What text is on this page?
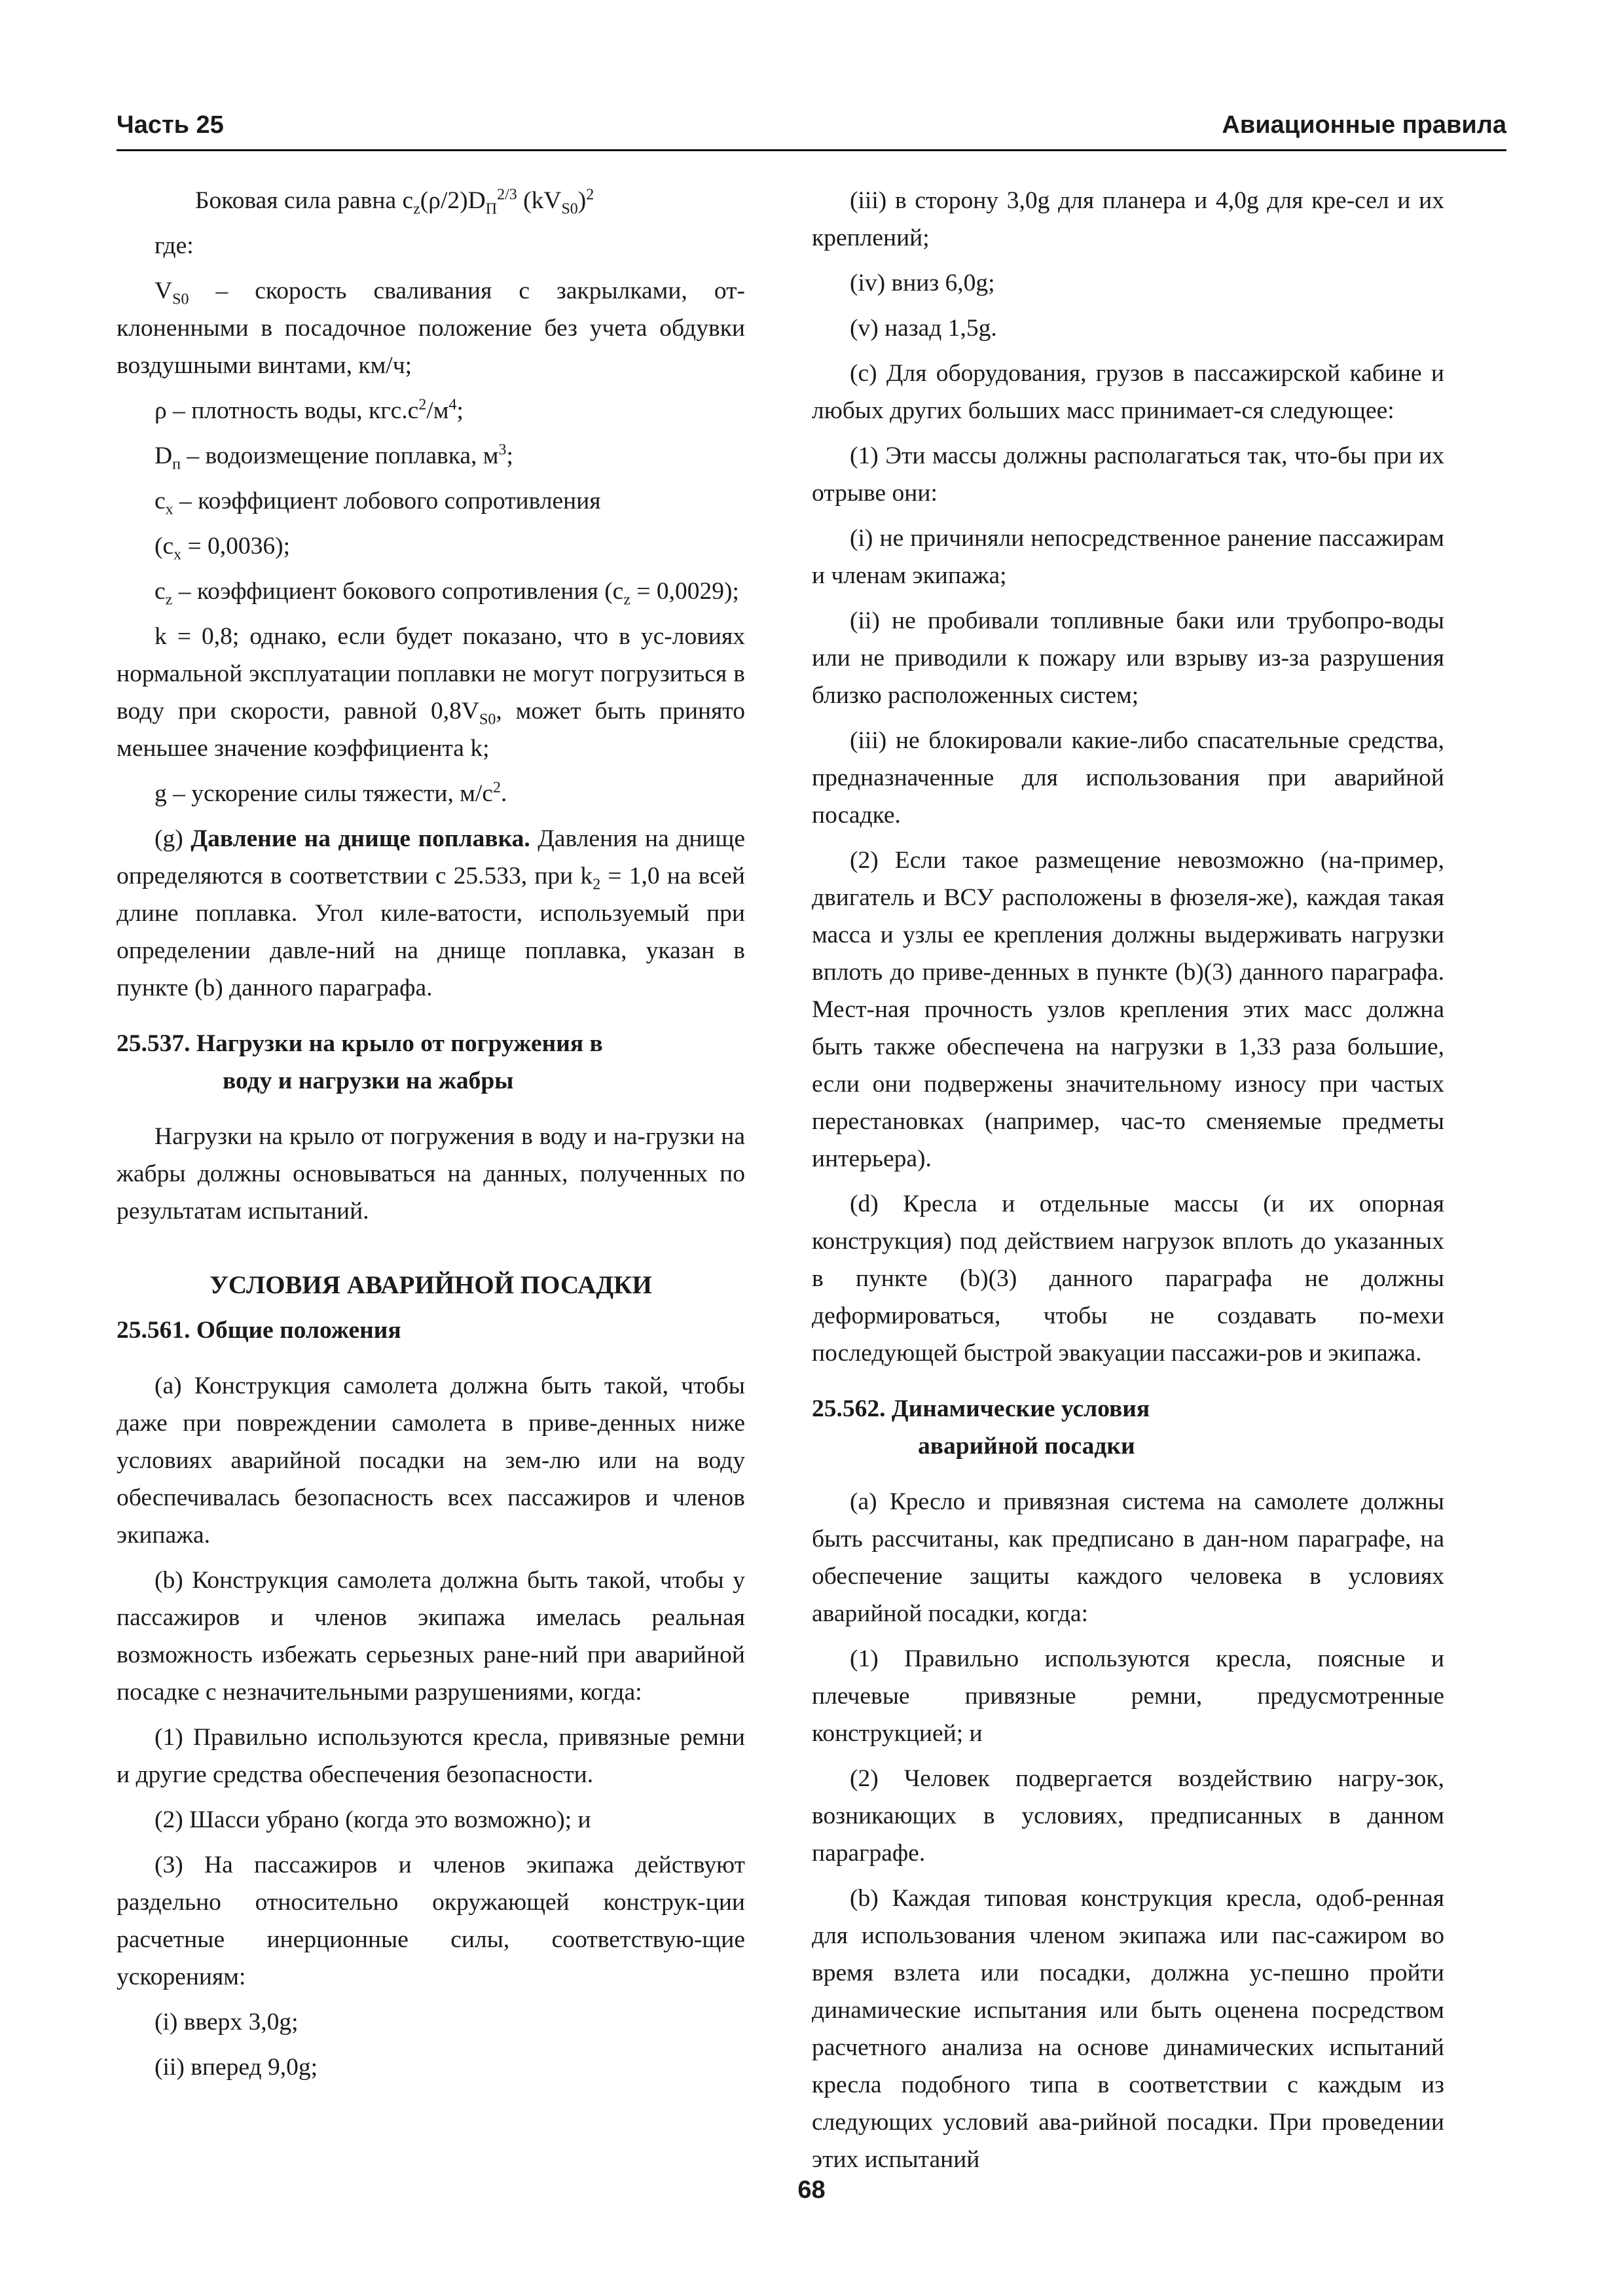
Часть 25	Авиационные правила

Боковая сила равна $c_z(\rho/2)D_П^{2/3}$ $(kV_{S0})^2$

где:

$V_{S0}$ – скорость сваливания с закрылками, от-клоненными в посадочное положение без учета обдувки воздушными винтами, км/ч;

ρ – плотность воды, $кгс.с^2/м^4$;

$D_п$ – водоизмещение поплавка, $м^3$;

$c_x$ – коэффициент лобового сопротивления

$(c_x = 0,0036)$;

$c_z$ – коэффициент бокового сопротивления $(c_z = 0,0029)$;

k = 0,8; однако, если будет показано, что в ус-ловиях нормальной эксплуатации поплавки не могут погрузиться в воду при скорости, равной $0,8V_{S0}$, может быть принято меньшее значение коэффициента k;

g – ускорение силы тяжести, $м/с^2$.

(g) Давление на днище поплавка. Давления на днище определяются в соответствии с 25.533, при $k_2 = 1,0$ на всей длине поплавка. Угол киле-ватости, используемый при определении давле-ний на днище поплавка, указан в пункте (b) данного параграфа.

25.537. Нагрузки на крыло от погружения в
воду и нагрузки на жабры

Нагрузки на крыло от погружения в воду и на-грузки на жабры должны основываться на данных, полученных по результатам испытаний.

УСЛОВИЯ АВАРИЙНОЙ ПОСАДКИ

25.561. Общие положения

(a) Конструкция самолета должна быть такой, чтобы даже при повреждении самолета в приве-денных ниже условиях аварийной посадки на зем-лю или на воду обеспечивалась безопасность всех пассажиров и членов экипажа.

(b) Конструкция самолета должна быть такой, чтобы у пассажиров и членов экипажа имелась реальная возможность избежать серьезных ране-ний при аварийной посадке с незначительными разрушениями, когда:

(1) Правильно используются кресла, привязные ремни и другие средства обеспечения безопасности.

(2) Шасси убрано (когда это возможно); и

(3) На пассажиров и членов экипажа действуют раздельно относительно окружающей конструк-ции расчетные инерционные силы, соответствую-щие ускорениям:

(i) вверх 3,0g;

(ii) вперед 9,0g;

(iii) в сторону 3,0g для планера и 4,0g для кре-сел и их креплений;

(iv) вниз 6,0g;

(v) назад 1,5g.

(c) Для оборудования, грузов в пассажирской кабине и любых других больших масс принимает-ся следующее:

(1) Эти массы должны располагаться так, что-бы при их отрыве они:

(i) не причиняли непосредственное ранение пассажирам и членам экипажа;

(ii) не пробивали топливные баки или трубопро-воды или не приводили к пожару или взрыву из-за разрушения близко расположенных систем;

(iii) не блокировали какие-либо спасательные средства, предназначенные для использования при аварийной посадке.

(2) Если такое размещение невозможно (на-пример, двигатель и ВСУ расположены в фюзеля-же), каждая такая масса и узлы ее крепления должны выдерживать нагрузки вплоть до приве-денных в пункте (b)(3) данного параграфа. Мест-ная прочность узлов крепления этих масс должна быть также обеспечена на нагрузки в 1,33 раза большие, если они подвержены значительному износу при частых перестановках (например, час-то сменяемые предметы интерьера).

(d) Кресла и отдельные массы (и их опорная конструкция) под действием нагрузок вплоть до указанных в пункте (b)(3) данного параграфа не должны деформироваться, чтобы не создавать по-мехи последующей быстрой эвакуации пассажи-ров и экипажа.

25.562. Динамические условия
аварийной посадки

(a) Кресло и привязная система на самолете должны быть рассчитаны, как предписано в дан-ном параграфе, на обеспечение защиты каждого человека в условиях аварийной посадки, когда:

(1) Правильно используются кресла, поясные и плечевые привязные ремни, предусмотренные конструкцией; и

(2) Человек подвергается воздействию нагру-зок, возникающих в условиях, предписанных в данном параграфе.

(b) Каждая типовая конструкция кресла, одоб-ренная для использования членом экипажа или пас-сажиром во время взлета или посадки, должна ус-пешно пройти динамические испытания или быть оценена посредством расчетного анализа на основе динамических испытаний кресла подобного типа в соответствии с каждым из следующих условий ава-рийной посадки. При проведении этих испытаний

68
